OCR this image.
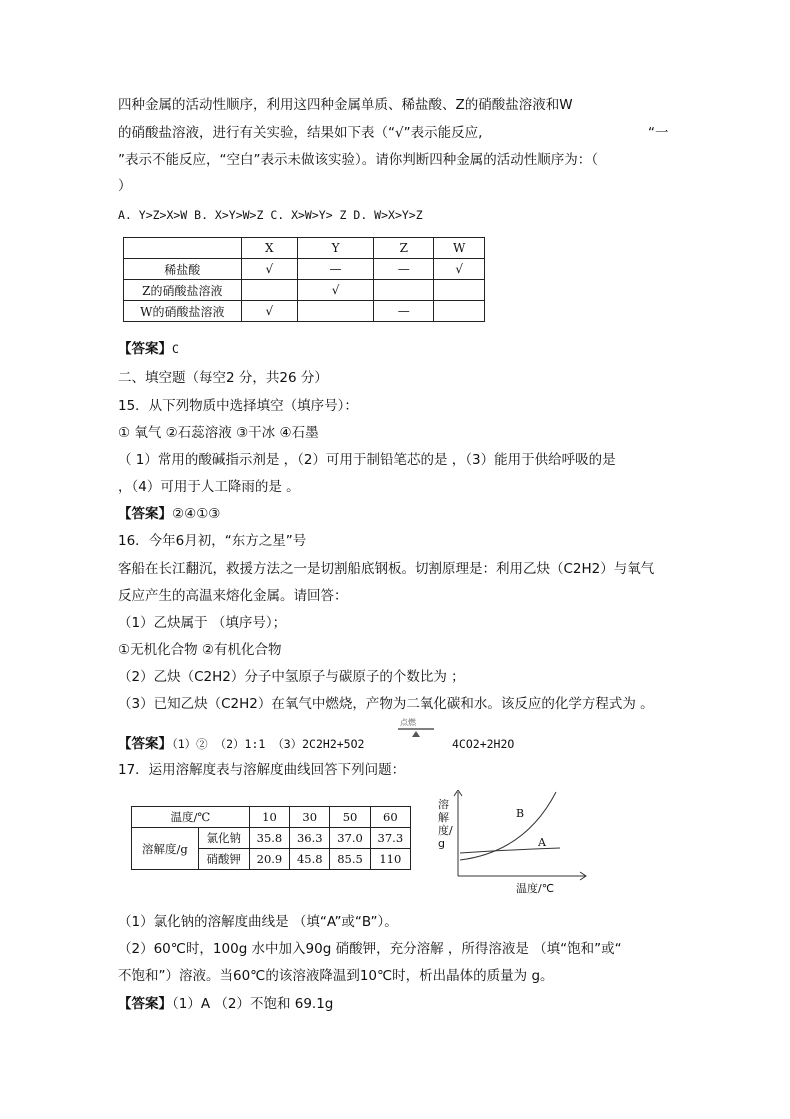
四种金属的活动性顺序，利用这四种金属单质、稀盐酸、Z的硝酸盐溶液和W
的硝酸盐溶液，进行有关实验，结果如下表（“√”表示能反应,	“一
”表示不能反应，“空白”表示未做该实验）。请你判断四种金属的活动性顺序为：（
）
A. Y>Z>X>W B. X>Y>W>Z C. X>W>Y> Z D. W>X>Y>Z
	X	Y	Z	W
稀盐酸	√	—	—	√
Z的硝酸盐溶液		√		
W的硝酸盐溶液	√		—	
【答案】C
二、填空题（每空2 分，共26 分）
15．从下列物质中选择填空（填序号）：
① 氧气 ②石蕊溶液 ③干冰 ④石墨
（ 1）常用的酸碱指示剂是 ，（2）可用于制铅笔芯的是 ，（3）能用于供给呼吸的是
，（4）可用于人工降雨的是 。
【答案】②④①③
16．今年6月初，“东方之星”号
客船在长江翻沉，救援方法之一是切割船底钢板。切割原理是：利用乙炔（C2H2）与氧气
反应产生的高温来熔化金属。请回答：
（1）乙炔属于 （填序号）；
①无机化合物 ②有机化合物
（2）乙炔（C2H2）分子中氢原子与碳原子的个数比为 ；
（3）已知乙炔（C2H2）在氧气中燃烧，产物为二氧化碳和水。该反应的化学方程式为 。
【答案】（1）② （2）1:1 （3）2C2H2+5O2
点燃
4CO2+2H2O
17．运用溶解度表与溶解度曲线回答下列问题：
温度/℃		10	30	50	60
溶解度/g	氯化钠	35.8	36.3	37.0	37.3
	硝酸钾	20.9	45.8	85.5	110
溶解度/g
B
A
温度/℃
（1）氯化钠的溶解度曲线是 （填“A”或“B”）。
（2）60℃时，100g 水中加入90g 硝酸钾，充分溶解 ，所得溶液是 （填“饱和”或“
不饱和”）溶液。当60℃的该溶液降温到10℃时，析出晶体的质量为 g。
【答案】（1）A （2）不饱和 69.1g
